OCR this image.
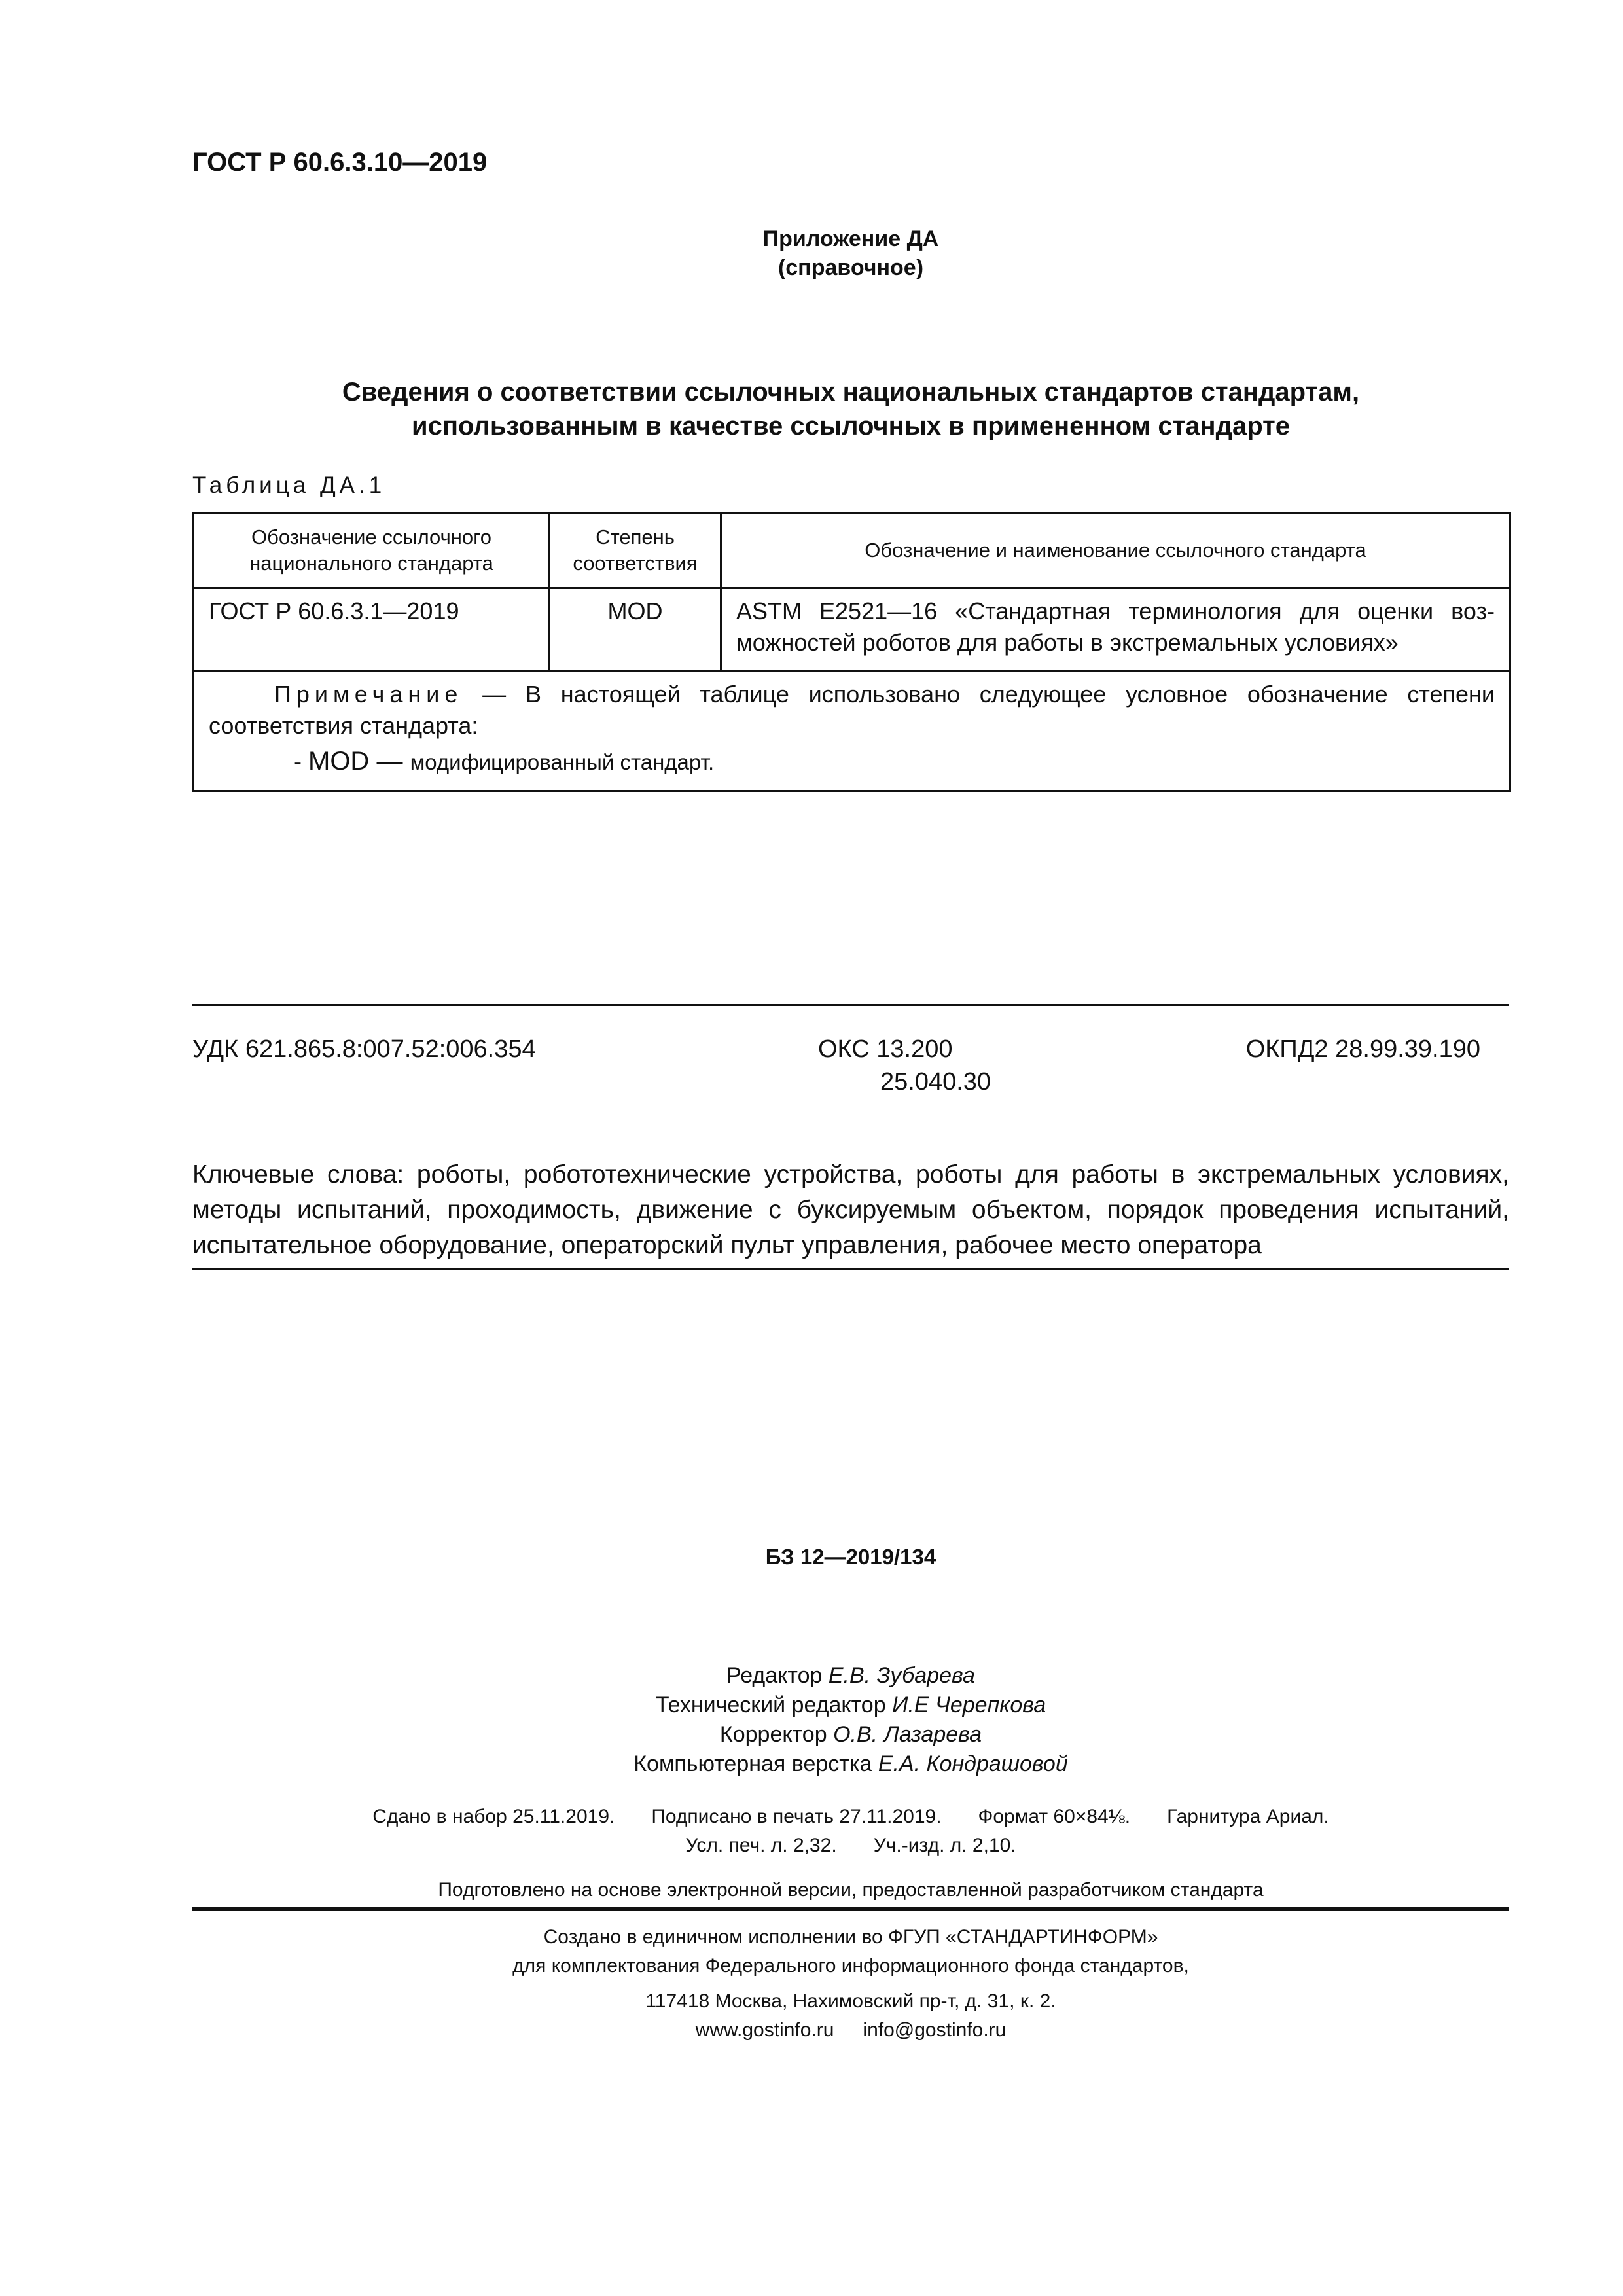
ГОСТ Р 60.6.3.10—2019
Приложение ДА
(справочное)
Сведения о соответствии ссылочных национальных стандартов стандартам,
использованным в качестве ссылочных в примененном стандарте
Таблица ДА.1
Обозначение ссылочного национального стандарта	Степень соответствия	Обозначение и наименование ссылочного стандарта
ГОСТ Р 60.6.3.1—2019	MOD	ASTM E2521—16 «Стандартная терминология для оценки возможностей роботов для работы в экстремальных условиях»

Примечание — В настоящей таблице использовано следующее условное обозначение степени соответствия стандарта:
- MOD — модифицированный стандарт.		
УДК 621.865.8:007.52:006.354	ОКС 13.200
25.040.30
ОКПД2 28.99.39.190
Ключевые слова: роботы, робототехнические устройства, роботы для работы в экстремальных условиях, методы испытаний, проходимость, движение с буксируемым объектом, порядок проведения испытаний, испытательное оборудование, операторский пульт управления, рабочее место оператора
БЗ 12—2019/134
Редактор Е.В. Зубарева
Технический редактор И.Е Черепкова
Корректор О.В. Лазарева
Компьютерная верстка Е.А. Кондрашовой
Сдано в набор 25.11.2019. Подписано в печать 27.11.2019. Формат 60×84⅛. Гарнитура Ариал.
Усл. печ. л. 2,32. Уч.-изд. л. 2,10.
Подготовлено на основе электронной версии, предоставленной разработчиком стандарта
Создано в единичном исполнении во ФГУП «СТАНДАРТИНФОРМ»
для комплектования Федерального информационного фонда стандартов,
117418 Москва, Нахимовский пр-т, д. 31, к. 2.
www.gostinfo.ru info@gostinfo.ru
